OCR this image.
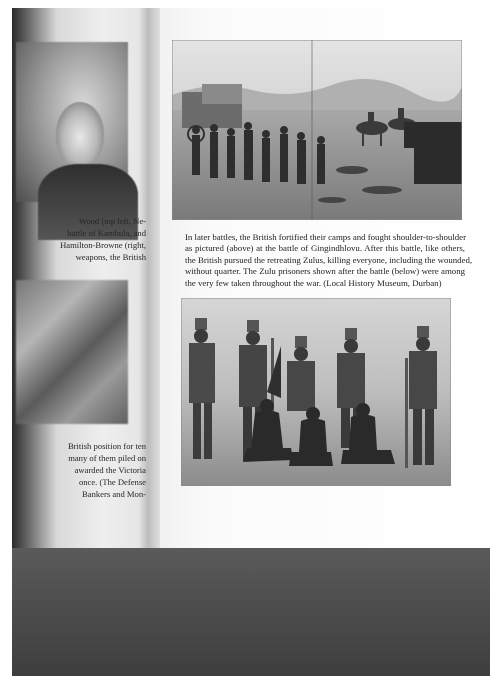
Wood (top left, Ne-
battle of Kambula, and
Hamilton-Browne (right,
weapons, the British
British position for ten
many of them piled on
awarded the Victoria
once. (The Defense
Bankers and Mon-
In later battles, the British fortified their camps and fought shoulder-to-shoulder
as pictured (above) at the battle of Gingindhlovu. After this battle, like others,
the British pursued the retreating Zulus, killing everyone, including the wounded,
without quarter. The Zulu prisoners shown after the battle (below) were among
the very few taken throughout the war. (Local History Museum, Durban)
